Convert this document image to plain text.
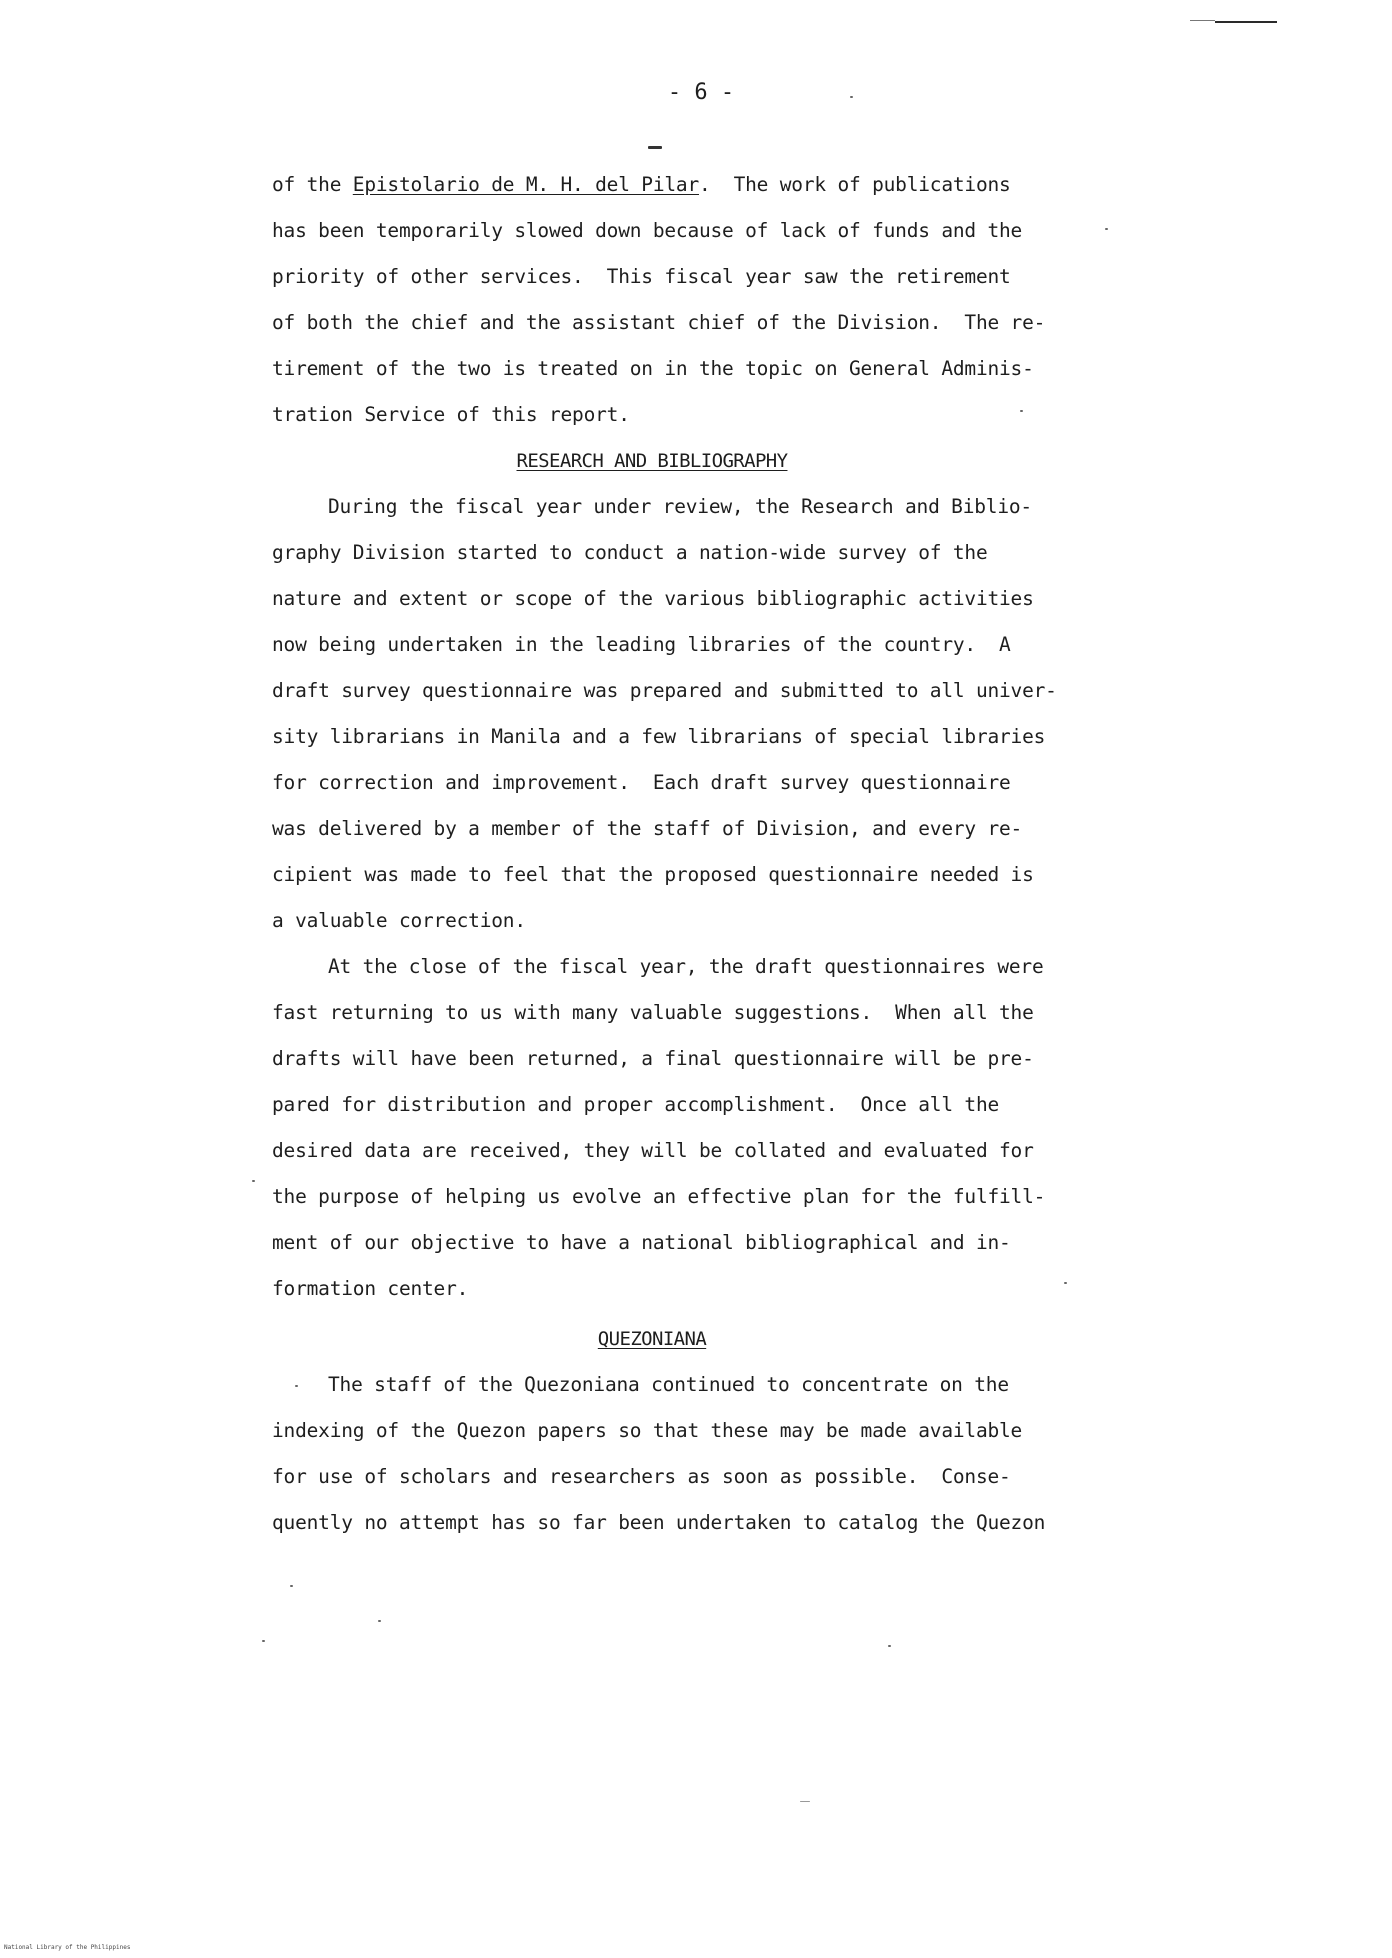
- 6 -
of the Epistolario de M. H. del Pilar.  The work of publications
has been temporarily slowed down because of lack of funds and the
priority of other services.  This fiscal year saw the retirement
of both the chief and the assistant chief of the Division.  The re-
tirement of the two is treated on in the topic on General Adminis-
tration Service of this report.
RESEARCH AND BIBLIOGRAPHY
During the fiscal year under review, the Research and Biblio-
graphy Division started to conduct a nation-wide survey of the
nature and extent or scope of the various bibliographic activities
now being undertaken in the leading libraries of the country.  A
draft survey questionnaire was prepared and submitted to all univer-
sity librarians in Manila and a few librarians of special libraries
for correction and improvement.  Each draft survey questionnaire
was delivered by a member of the staff of Division, and every re-
cipient was made to feel that the proposed questionnaire needed is
a valuable correction.
At the close of the fiscal year, the draft questionnaires were
fast returning to us with many valuable suggestions.  When all the
drafts will have been returned, a final questionnaire will be pre-
pared for distribution and proper accomplishment.  Once all the
desired data are received, they will be collated and evaluated for
the purpose of helping us evolve an effective plan for the fulfill-
ment of our objective to have a national bibliographical and in-
formation center.
QUEZONIANA
The staff of the Quezoniana continued to concentrate on the
indexing of the Quezon papers so that these may be made available
for use of scholars and researchers as soon as possible.  Conse-
quently no attempt has so far been undertaken to catalog the Quezon
National Library of the Philippines
